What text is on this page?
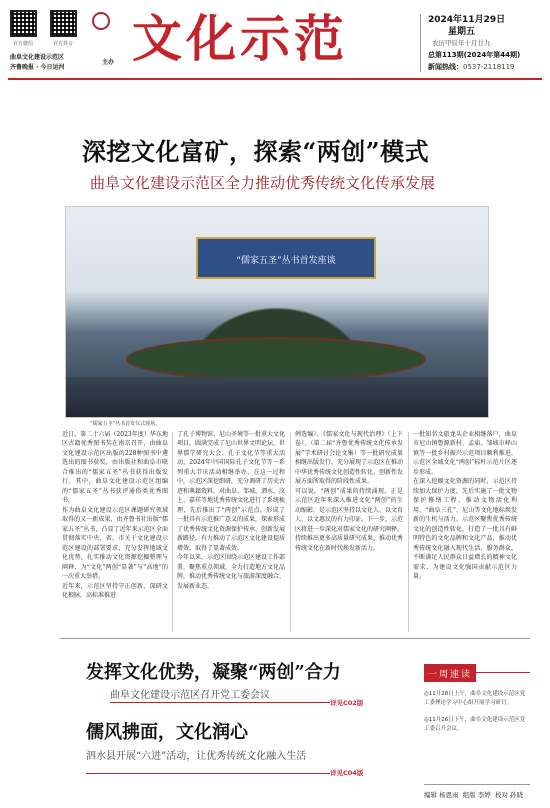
官方微信	官方抖音
曲阜文化建设示范区
齐鲁晚报 · 今日运河
主办 文化示范	2024年11月29日
星期五
农历甲辰年十月廿九
总第113期(2024年第44期)
新闻热线：0537-2118119
深挖文化富矿，探索“两创”模式
曲阜文化建设示范区全力推动优秀传统文化传承发展
“儒家五圣”丛书首发座谈
“儒家五圣”丛书首发仪式现场。
近日，第二十六届（2023年度）华东地区古籍优秀图书奖在南京召开，由曲阜文化建设示范区出版的228种图书中遴选出的图书获奖，由出版社和曲阜市联合推出的“儒家五圣”丛书获得出版发行。其中，曲阜文化建设示范区组编的“儒家五圣”丛书获评通俗类优秀图书。
作为曲阜文化建设示范区课题研究领域取得的又一新成果，由齐鲁书社出版“儒家五圣”丛书，凸显了近年来示范区全面贯彻落实中央、省、市关于文化建设示范区建设的部署要求，充分发挥地域文化优势，扎实推动文化资源挖掘整理与阐释，为“文化”两创“显著”与“高地”的一次重大举措。
近年来，示范区坚持守正创新，深研文化根脉，高标准推进
了孔子博物馆、尼山圣境等一批重大文化项目，圆满完成了尼山世界文明论坛、世界儒学研究大会、孔子文化节等重大活动，2024年中国国际孔子文化节等一系列重大节庆活动相继举办，在这一过程中，示范区深挖细研，充分调研了历史古迹和典籍资料，对曲阜、邹城、泗水、汶上、嘉祥等地优秀传统文化进行了系统梳理，先后推出了“两创”示范点，形成了一批具有示范推广意义的成果，探索形成了优秀传统文化资源保护传承、创新发展新路径，有力推动了示范区文化建设提质增效，取得了显著成效。
今年以来，示范区围绕示范区建设工作部署，聚焦重点领域，全力打造地方文化品牌，推动优秀传统文化与旅游深度融合，发展新业态。
例选编》、《儒家文化与现代治理》（上下卷）、（第二届“齐鲁优秀传统文化传承发展”学术研讨会论文集）等一批研究成果相继出版发行，充分展现了示范区在推动中华优秀传统文化创造性转化、创新性发展方面所取得的阶段性成果。
可以说，“两创”成果的持续涌现，正是示范区近年来深入推进文化“两创”的生动缩影，是示范区坚持以文化人、以文育人、以文惠民的有力印证。下一步，示范区将进一步深化对儒家文化的研究阐释，持续推出更多高质量研究成果，推动优秀传统文化在新时代焕发新活力。
一批知名文旅龙头企业相继落户，曲阜市尼山镇鲁源新村、孟庙、邹城市峄山镇等一批乡村振兴示范项目顺利推进，示范区全域文化“两创”标杆示范片区逐步形成。
在深入挖掘文化资源的同时，示范区持续加大保护力度，先后实施了一批文物保护修缮工程，推动文物活化利用，“曲阜三孔”、尼山等文化地标焕发新的生机与活力。示范区聚焦优秀传统文化的创造性转化，打造了一批具有鲜明特色的文化品牌和文化产品，推动优秀传统文化融入现代生活、服务群众，不断满足人民群众日益增长的精神文化需求，为建设文化强国贡献示范区力量。
发挥文化优势，凝聚“两创”合力
曲阜文化建设示范区召开党工委会议
详见C02版
儒风拂面，文化润心
泗水县开展“六进”活动，让优秀传统文化融入生活
详见C04版
一周速读
◎11月28日上午，曲阜文化建设示范区党工委理论学习中心组开展学习研讨。
◎11月26日下午，曲阜文化建设示范区党工委召开会议。
编辑 杨恩雨 组版 李婷 校对 孙晓
